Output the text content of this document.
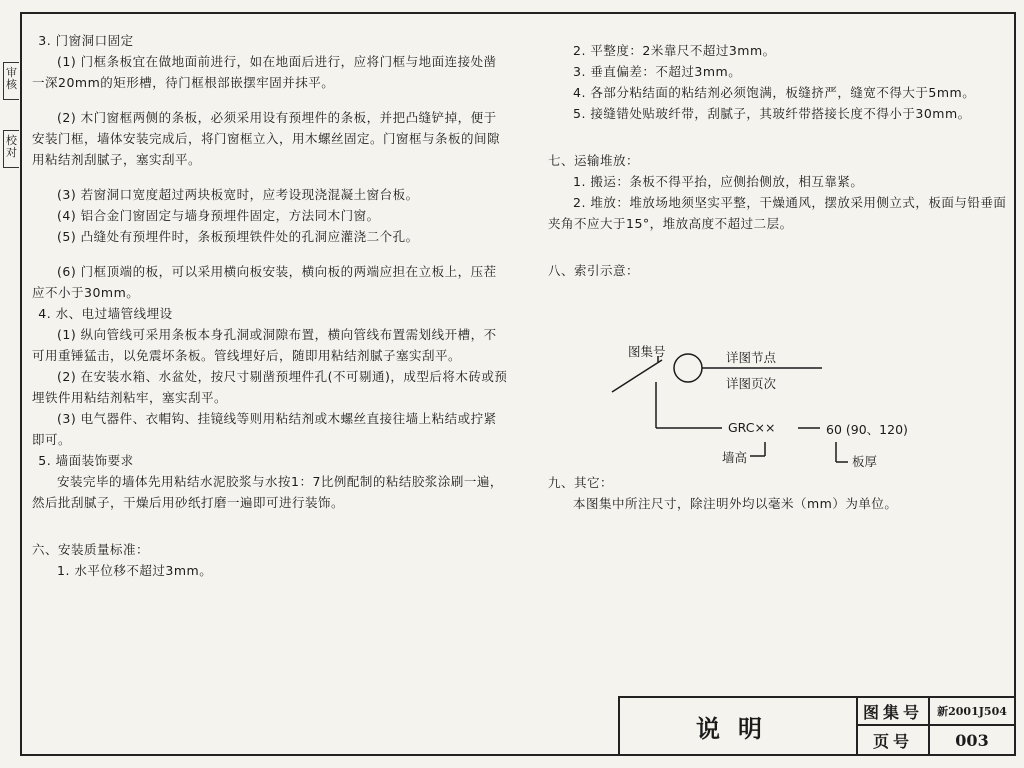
审核
校对

3. 门窗洞口固定

(1) 门框条板宜在做地面前进行，如在地面后进行，应将门框与地面连接处凿一深20mm的矩形槽，待门框根部嵌摆牢固并抹平。

(2) 木门窗框两侧的条板，必须采用设有预埋件的条板，并把凸缝铲掉，便于安装门框，墙体安装完成后，将门窗框立入，用木螺丝固定。门窗框与条板的间隙用粘结剂刮腻子，塞实刮平。

(3) 若窗洞口宽度超过两块板宽时，应考设现浇混凝土窗台板。

(4) 铝合金门窗固定与墙身预埋件固定，方法同木门窗。

(5) 凸缝处有预埋件时，条板预埋铁件处的孔洞应灌浇二个孔。

(6) 门框顶端的板，可以采用横向板安装，横向板的两端应担在立板上，压茬应不小于30mm。

4. 水、电过墙管线埋设

(1) 纵向管线可采用条板本身孔洞或洞隙布置，横向管线布置需划线开槽，不可用重锤猛击，以免震坏条板。管线埋好后，随即用粘结剂腻子塞实刮平。

(2) 在安装水箱、水盆处，按尺寸剔凿预埋件孔(不可剔通)，成型后将木砖或预埋铁件用粘结剂粘牢，塞实刮平。

(3) 电气器件、衣帽钩、挂镜线等则用粘结剂或木螺丝直接往墙上粘结或拧紧即可。

5. 墙面装饰要求

安装完毕的墙体先用粘结水泥胶浆与水按1：7比例配制的粘结胶浆涂刷一遍，然后批刮腻子，干燥后用砂纸打磨一遍即可进行装饰。

六、安装质量标准：

1. 水平位移不超过3mm。

2. 平整度：2米靠尺不超过3mm。

3. 垂直偏差：不超过3mm。

4. 各部分粘结面的粘结剂必须饱满，板缝挤严，缝宽不得大于5mm。

5. 接缝错处贴玻纤带，刮腻子，其玻纤带搭接长度不得小于30mm。

七、运输堆放：

1. 搬运：条板不得平抬，应侧抬侧放，相互靠紧。

2. 堆放：堆放场地须坚实平整，干燥通风，摆放采用侧立式，板面与铅垂面夹角不应大于15°，堆放高度不超过二层。

八、索引示意：

图集号	详图节点
详图页次
GRC××	60 (90、120)
墙高	板厚

九、其它：

本图集中所注尺寸，除注明外均以毫米（mm）为单位。

说明
图集号	新2001J504
页号	003
